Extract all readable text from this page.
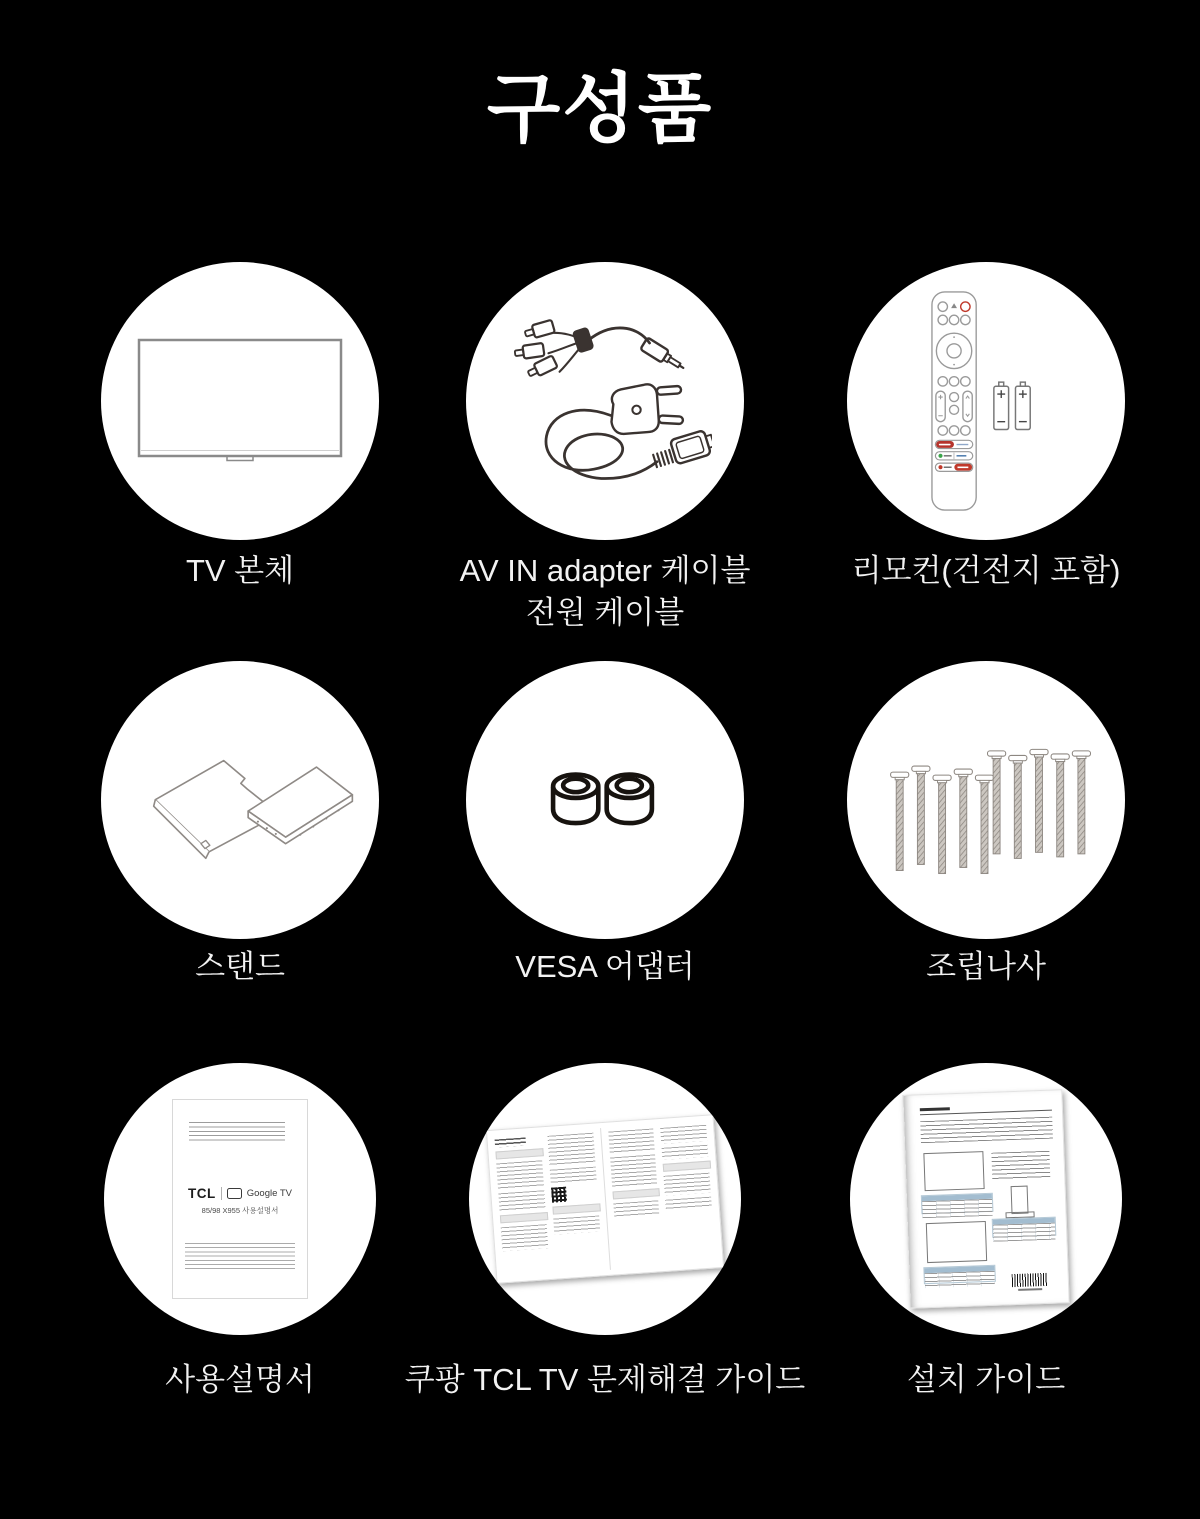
구성품
TV 본체	AV IN adapter 케이블
전원 케이블
리모컨(건전지 포함)
스탠드	VESA 어댑터	조립나사
TCL	Google TV
85/98 X955 사용설명서
사용설명서	쿠팡 TCL TV 문제해결 가이드	설치 가이드
